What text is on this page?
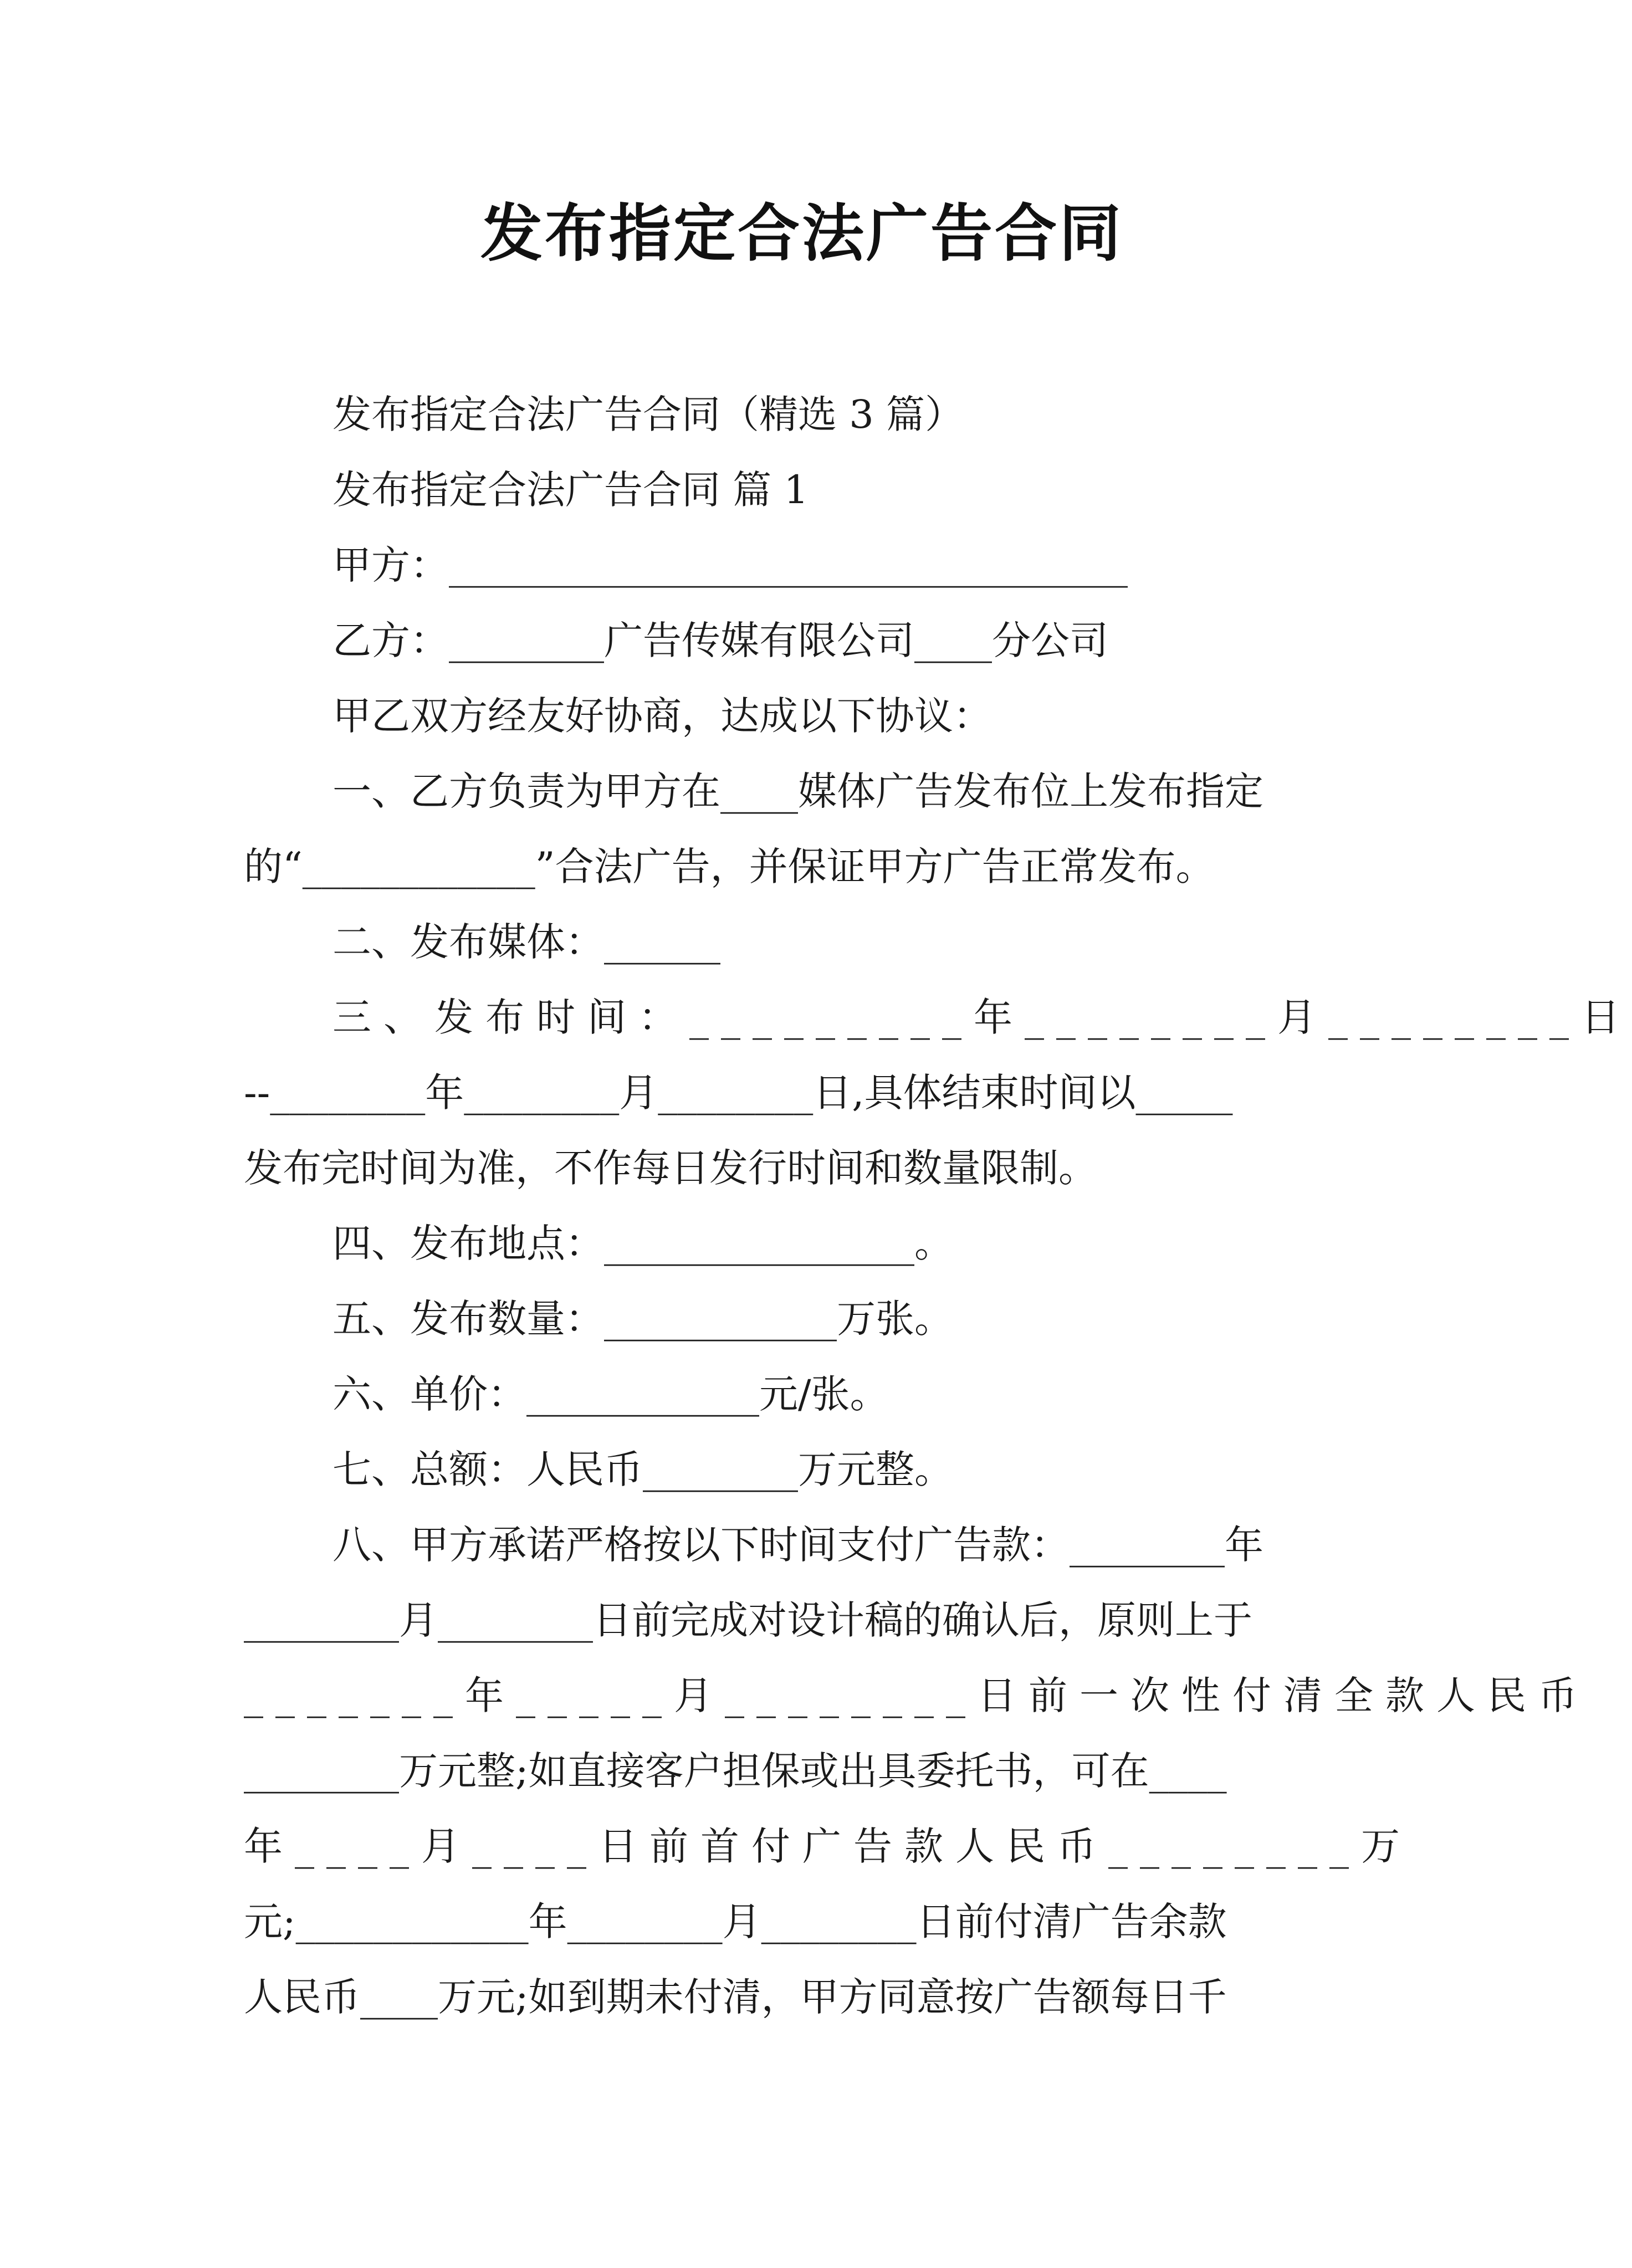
发布指定合法广告合同
发布指定合法广告合同（精选 3 篇）
发布指定合法广告合同 篇 1
甲方：___________________________________
乙方：________广告传媒有限公司____分公司
甲乙双方经友好协商，达成以下协议：
一、乙方负责为甲方在____媒体广告发布位上发布指定
的“____________”合法广告，并保证甲方广告正常发布。
二、发布媒体：______
三、发布时间：_________年________月________日
--________年________月________日,具体结束时间以_____
发布完时间为准，不作每日发行时间和数量限制。
四、发布地点：________________。
五、发布数量：____________万张。
六、单价：____________元/张。
七、总额：人民币________万元整。
八、甲方承诺严格按以下时间支付广告款：________年
________月________日前完成对设计稿的确认后，原则上于
_______年_____月________日前一次性付清全款人民币
________万元整;如直接客户担保或出具委托书，可在____
年____月____日前首付广告款人民币________万
元;____________年________月________日前付清广告余款
人民币____万元;如到期未付清，甲方同意按广告额每日千
